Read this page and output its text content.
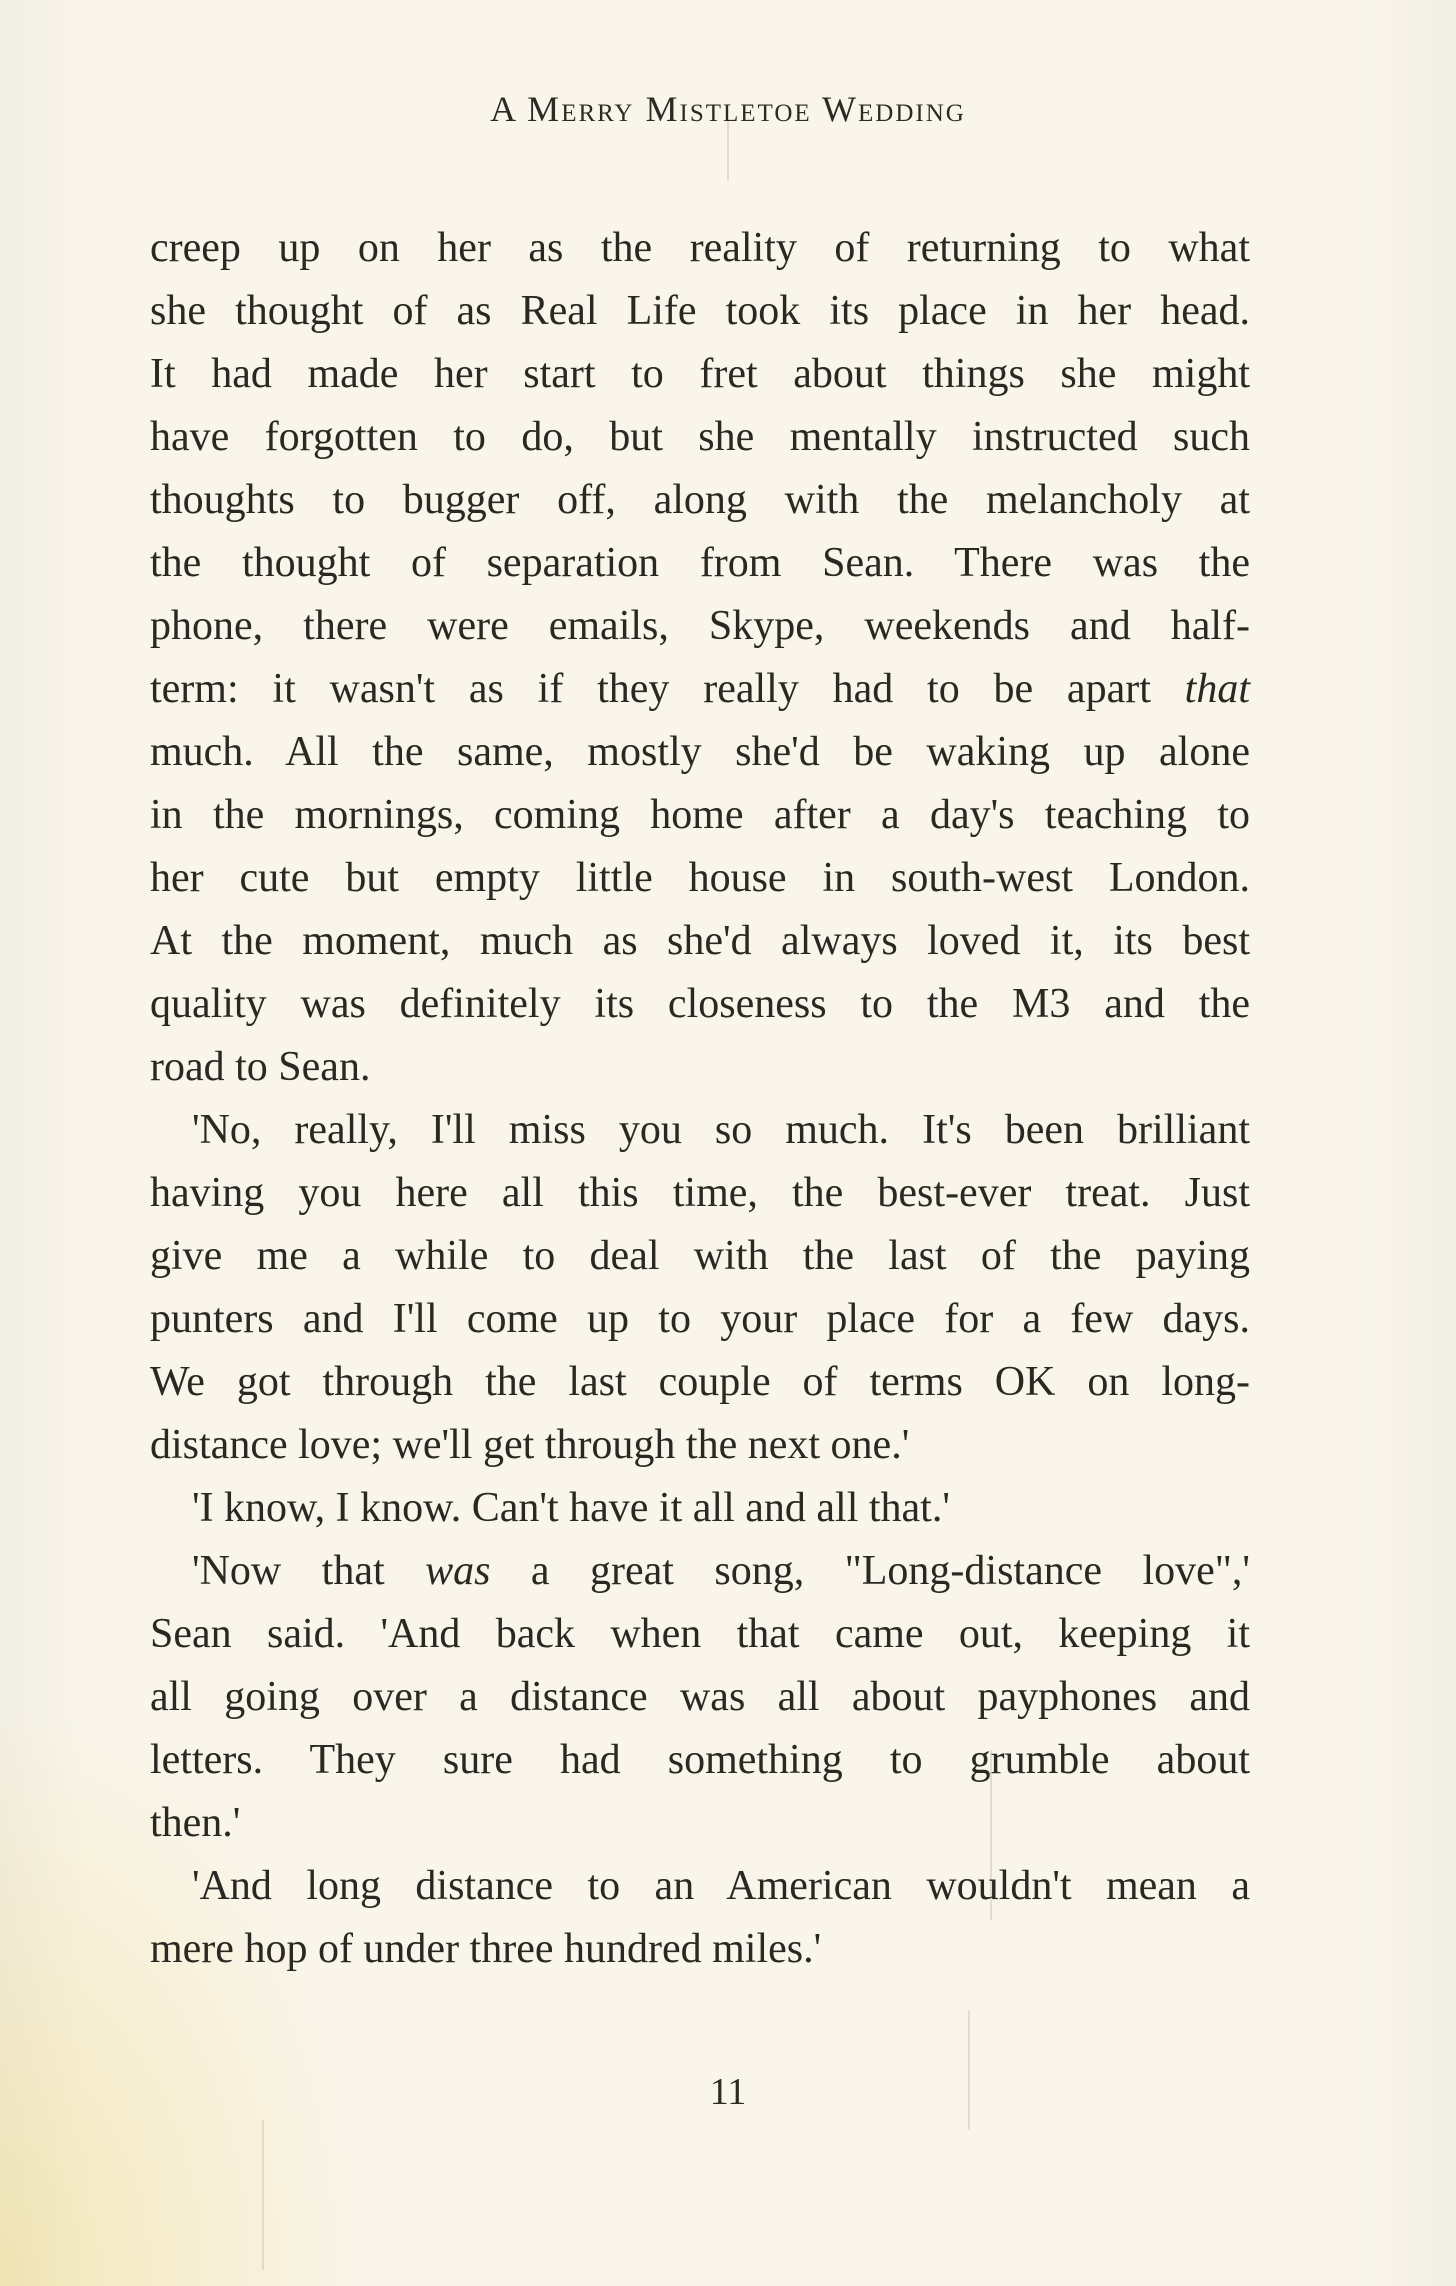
A Merry Mistletoe Wedding

creep up on her as the reality of returning to what
she thought of as Real Life took its place in her head.
It had made her start to fret about things she might
have forgotten to do, but she mentally instructed such
thoughts to bugger off, along with the melancholy at
the thought of separation from Sean. There was the
phone, there were emails, Skype, weekends and half-
term: it wasn't as if they really had to be apart that
much. All the same, mostly she'd be waking up alone
in the mornings, coming home after a day's teaching to
her cute but empty little house in south-west London.
At the moment, much as she'd always loved it, its best
quality was definitely its closeness to the M3 and the
road to Sean.

'No, really, I'll miss you so much. It's been brilliant
having you here all this time, the best-ever treat. Just
give me a while to deal with the last of the paying
punters and I'll come up to your place for a few days.
We got through the last couple of terms OK on long-
distance love; we'll get through the next one.'

'I know, I know. Can't have it all and all that.'

'Now that was a great song, "Long-distance love",'
Sean said. 'And back when that came out, keeping it
all going over a distance was all about payphones and
letters. They sure had something to grumble about
then.'

'And long distance to an American wouldn't mean a
mere hop of under three hundred miles.'

11
